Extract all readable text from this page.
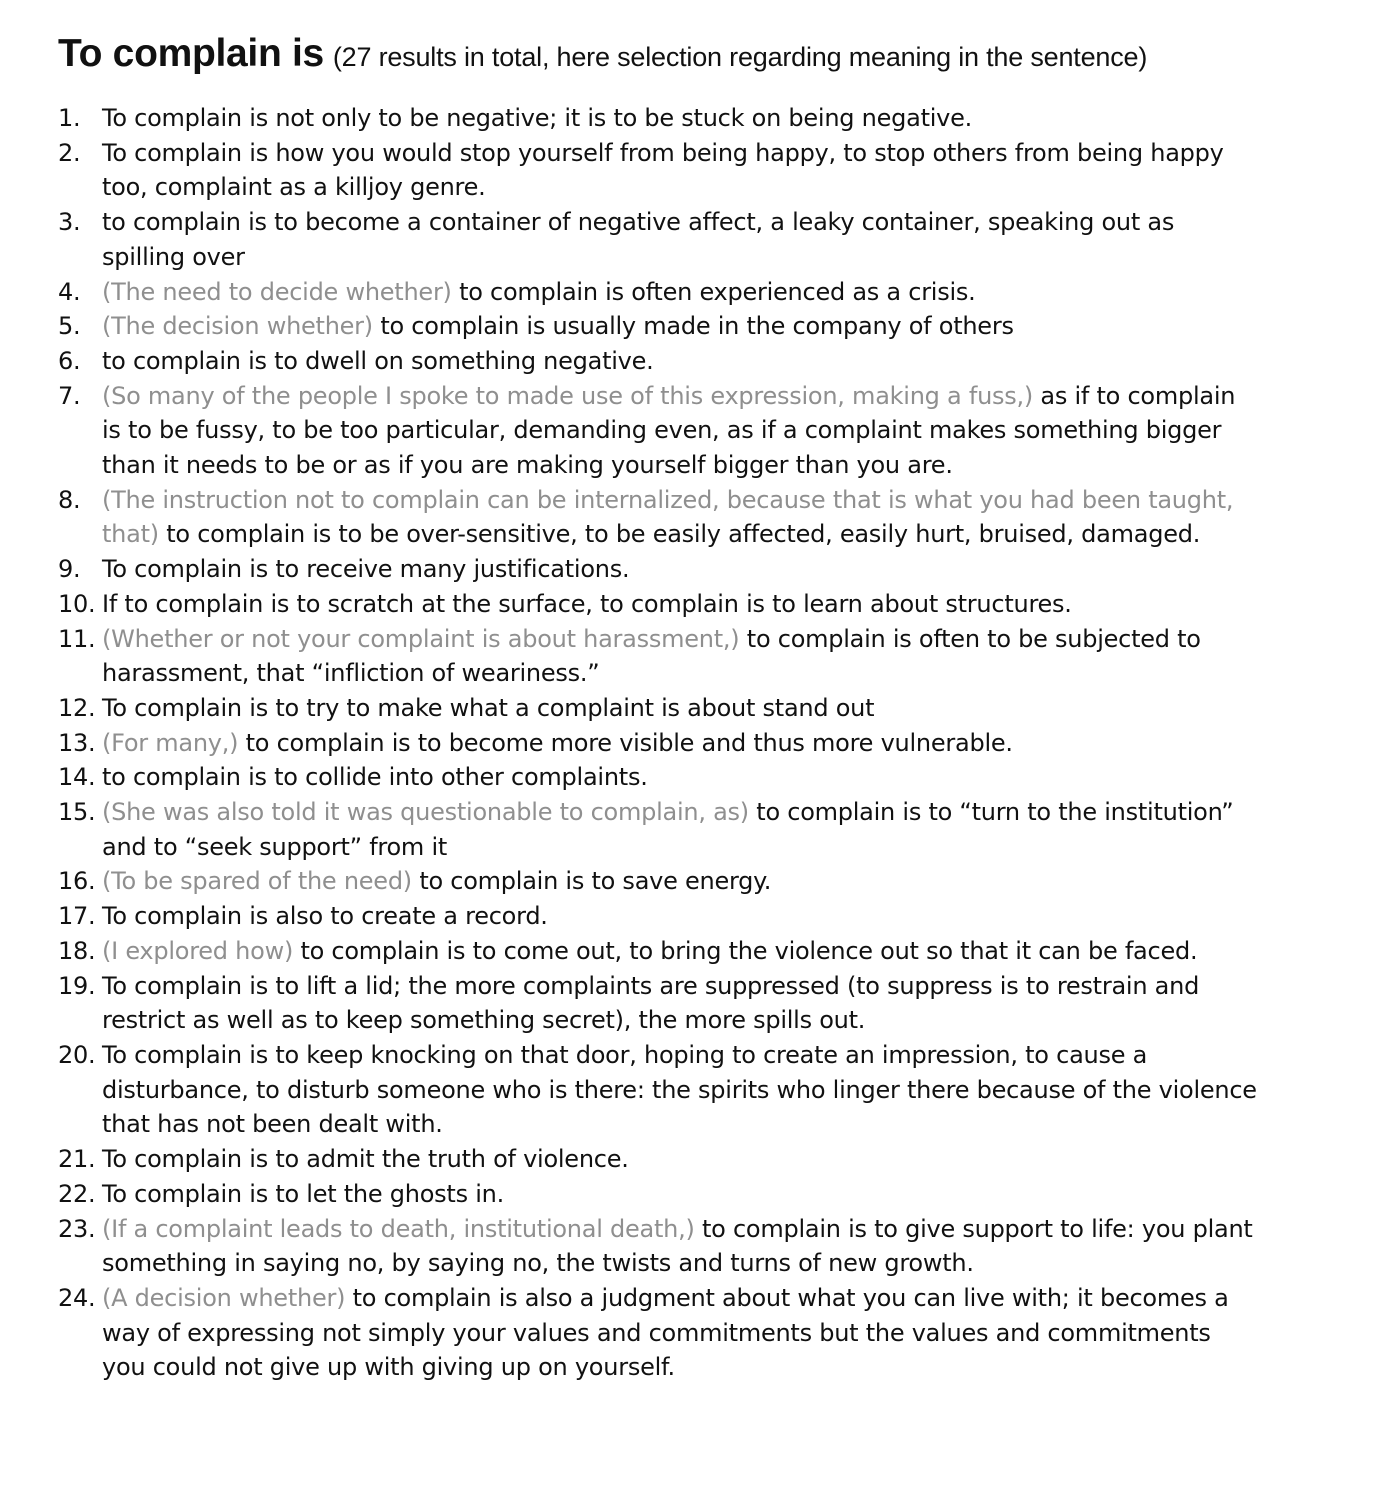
To complain is (27 results in total, here selection regarding meaning in the sentence)
1. To complain is not only to be negative; it is to be stuck on being negative.
2. To complain is how you would stop yourself from being happy, to stop others from being happy too, complaint as a killjoy genre.
3. to complain is to become a container of negative affect, a leaky container, speaking out as spilling over
4. (The need to decide whether) to complain is often experienced as a crisis.
5. (The decision whether) to complain is usually made in the company of others
6. to complain is to dwell on something negative.
7. (So many of the people I spoke to made use of this expression, making a fuss,) as if to complain is to be fussy, to be too particular, demanding even, as if a complaint makes something bigger than it needs to be or as if you are making yourself bigger than you are.
8. (The instruction not to complain can be internalized, because that is what you had been taught, that) to complain is to be over-sensitive, to be easily affected, easily hurt, bruised, damaged.
9. To complain is to receive many justifications.
10. If to complain is to scratch at the surface, to complain is to learn about structures.
11. (Whether or not your complaint is about harassment,) to complain is often to be subjected to harassment, that “infliction of weariness.”
12. To complain is to try to make what a complaint is about stand out
13. (For many,) to complain is to become more visible and thus more vulnerable.
14. to complain is to collide into other complaints.
15. (She was also told it was questionable to complain, as) to complain is to “turn to the institution” and to “seek support” from it
16. (To be spared of the need) to complain is to save energy.
17. To complain is also to create a record.
18. (I explored how) to complain is to come out, to bring the violence out so that it can be faced.
19. To complain is to lift a lid; the more complaints are suppressed (to suppress is to restrain and restrict as well as to keep something secret), the more spills out.
20. To complain is to keep knocking on that door, hoping to create an impression, to cause a disturbance, to disturb someone who is there: the spirits who linger there because of the violence that has not been dealt with.
21. To complain is to admit the truth of violence.
22. To complain is to let the ghosts in.
23. (If a complaint leads to death, institutional death,) to complain is to give support to life: you plant something in saying no, by saying no, the twists and turns of new growth.
24. (A decision whether) to complain is also a judgment about what you can live with; it becomes a way of expressing not simply your values and commitments but the values and commitments you could not give up with giving up on yourself.
